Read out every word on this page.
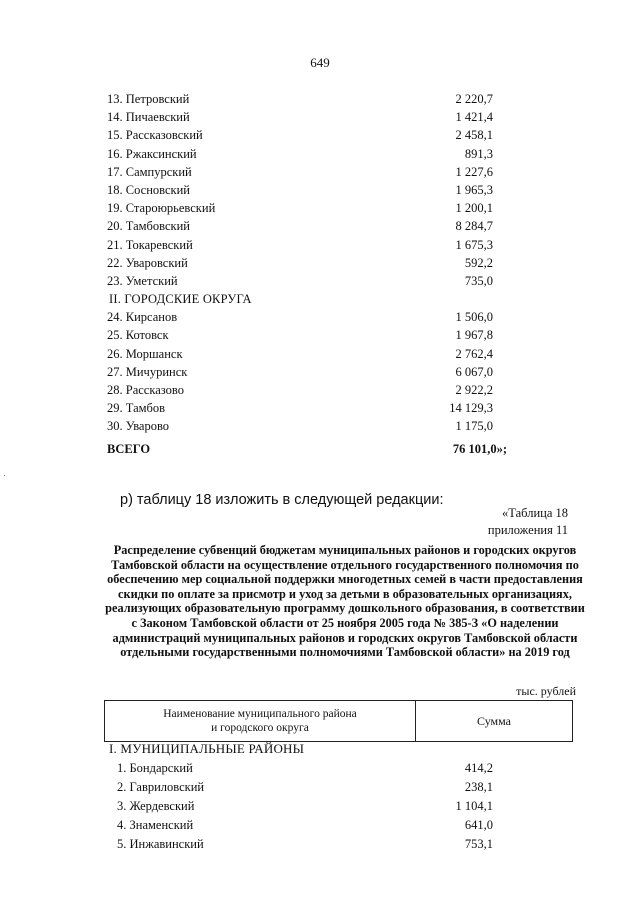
649
13. Петровский	2 220,7
14. Пичаевский	1 421,4
15. Рассказовский	2 458,1
16. Ржаксинский	891,3
17. Сампурский	1 227,6
18. Сосновский	1 965,3
19. Староюрьевский	1 200,1
20. Тамбовский	8 284,7
21. Токаревский	1 675,3
22. Уваровский	592,2
23. Уметский	735,0
II. ГОРОДСКИЕ ОКРУГА
24. Кирсанов	1 506,0
25. Котовск	1 967,8
26. Моршанск	2 762,4
27. Мичуринск	6 067,0
28. Рассказово	2 922,2
29. Тамбов	14 129,3
30. Уварово	1 175,0
ВСЕГО	76 101,0»;
р) таблицу 18 изложить в следующей редакции:
«Таблица 18
приложения 11
Распределение субвенций бюджетам муниципальных районов и городских округов Тамбовской области на осуществление отдельного государственного полномочия по обеспечению мер социальной поддержки многодетных семей в части предоставления скидки по оплате за присмотр и уход за детьми в образовательных организациях, реализующих образовательную программу дошкольного образования, в соответствии с Законом Тамбовской области от 25 ноября 2005 года № 385-З «О наделении администраций муниципальных районов и городских округов Тамбовской области отдельными государственными полномочиями Тамбовской области» на 2019 год
тыс. рублей
Наименование муниципального района
и городского округа
Сумма
I. МУНИЦИПАЛЬНЫЕ РАЙОНЫ
1. Бондарский	414,2
2. Гавриловский	238,1
3. Жердевский	1 104,1
4. Знаменский	641,0
5. Инжавинский	753,1
